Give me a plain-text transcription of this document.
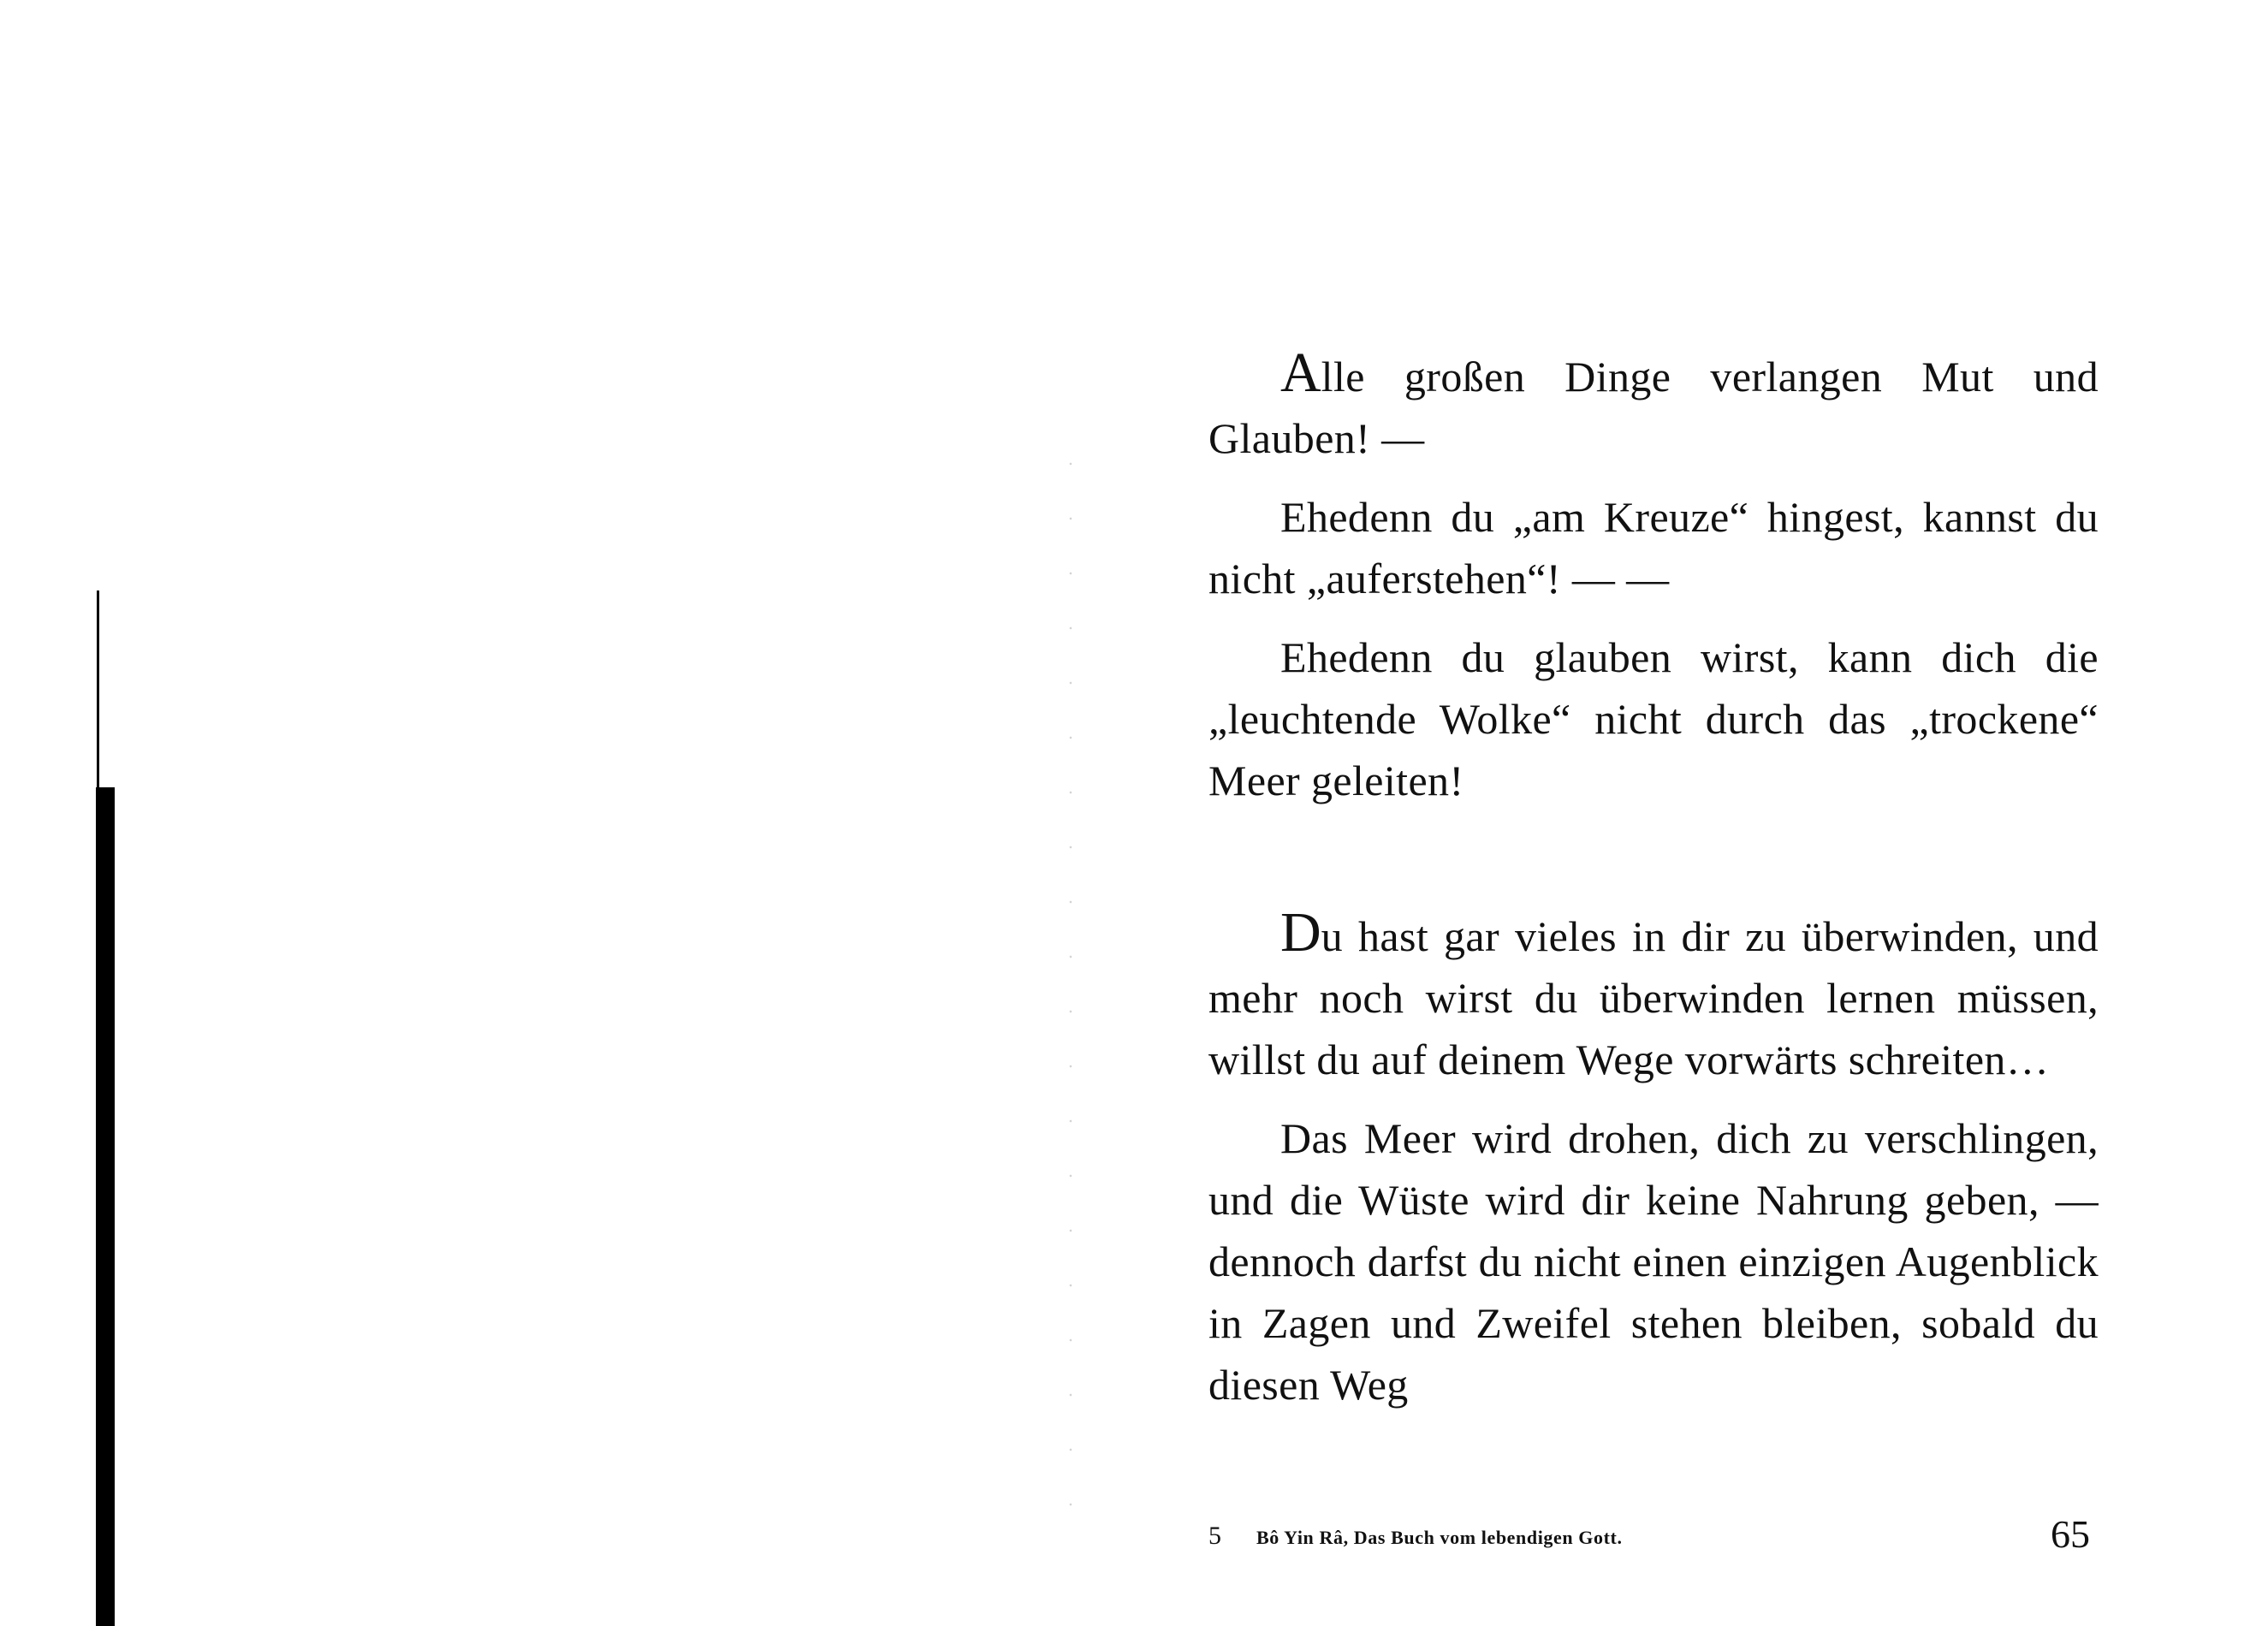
Alle großen Dinge verlangen Mut und Glauben! —

Ehedenn du „am Kreuze“ hingest, kannst du nicht „auferstehen“! — —

Ehedenn du glauben wirst, kann dich die „leuchtende Wolke“ nicht durch das „trockene“ Meer geleiten!

Du hast gar vieles in dir zu überwinden, und mehr noch wirst du überwinden lernen müssen, willst du auf deinem Wege vorwärts schreiten…

Das Meer wird drohen, dich zu verschlingen, und die Wüste wird dir keine Nahrung geben, — dennoch darfst du nicht einen einzigen Augenblick in Zagen und Zweifel stehen bleiben, sobald du diesen Weg

5 Bô Yin Râ, Das Buch vom lebendigen Gott.	65
